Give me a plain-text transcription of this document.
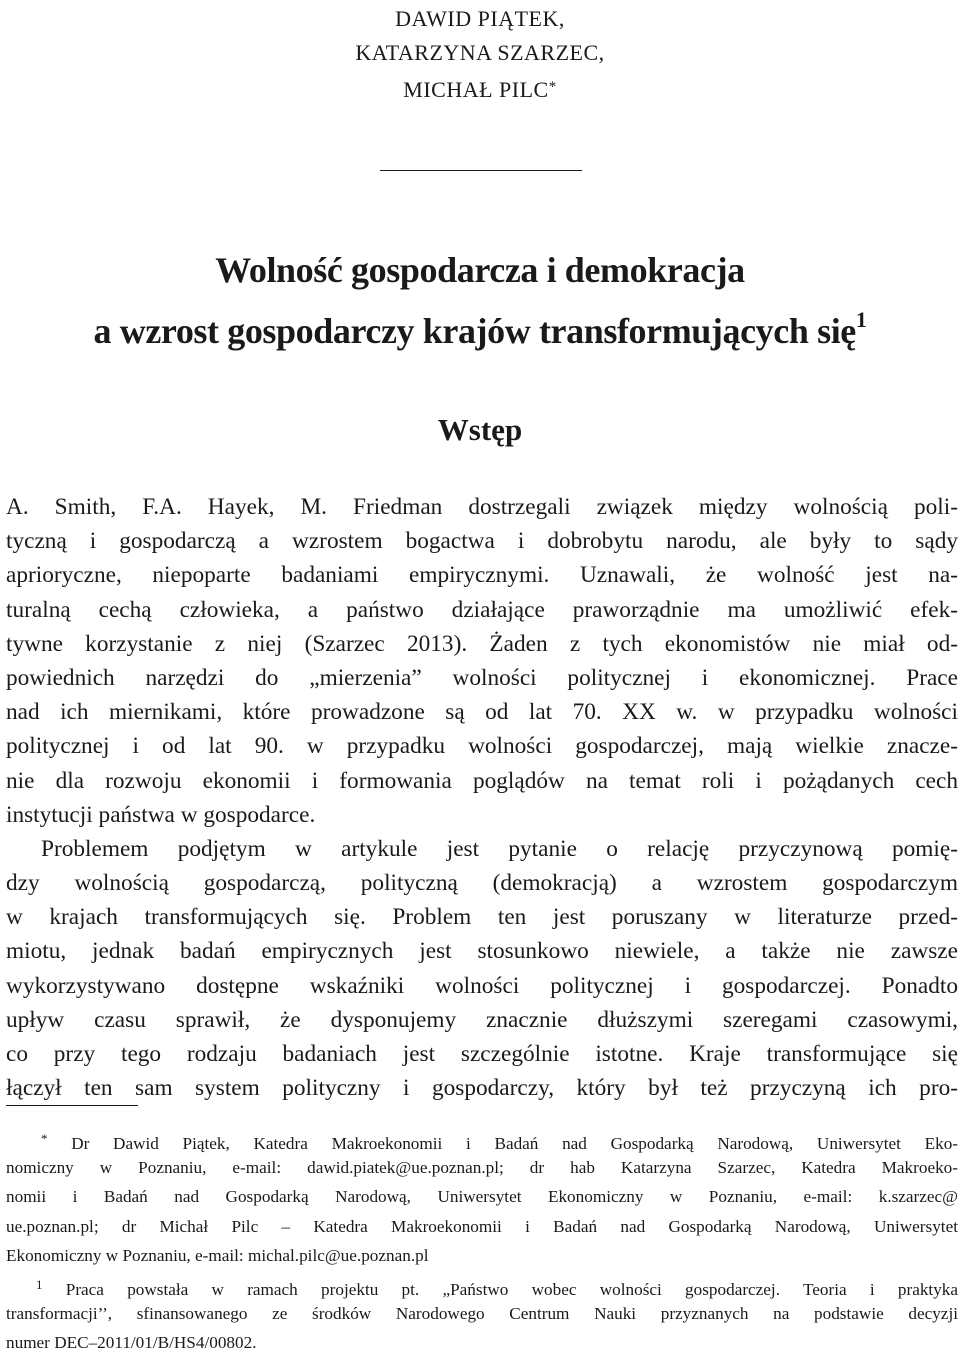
DAWID PIĄTEK,
KATARZYNA SZARZEC,
MICHAŁ PILC*
Wolność gospodarcza i demokracja
a wzrost gospodarczy krajów transformujących się$^1$
Wstęp
A. Smith, F.A. Hayek, M. Friedman dostrzegali związek między wolnością poli-
tyczną i gospodarczą a wzrostem bogactwa i dobrobytu narodu, ale były to sądy
aprioryczne, niepoparte badaniami empirycznymi. Uznawali, że wolność jest na-
turalną cechą człowieka, a państwo działające praworządnie ma umożliwić efek-
tywne korzystanie z niej (Szarzec 2013). Żaden z tych ekonomistów nie miał od-
powiednich narzędzi do „mierzenia” wolności politycznej i ekonomicznej. Prace
nad ich miernikami, które prowadzone są od lat 70. XX w. w przypadku wolności
politycznej i od lat 90. w przypadku wolności gospodarczej, mają wielkie znacze-
nie dla rozwoju ekonomii i formowania poglądów na temat roli i pożądanych cech
instytucji państwa w gospodarce.
Problemem podjętym w artykule jest pytanie o relację przyczynową pomię-
dzy wolnością gospodarczą, polityczną (demokracją) a wzrostem gospodarczym
w krajach transformujących się. Problem ten jest poruszany w literaturze przed-
miotu, jednak badań empirycznych jest stosunkowo niewiele, a także nie zawsze
wykorzystywano dostępne wskaźniki wolności politycznej i gospodarczej. Ponadto
upływ czasu sprawił, że dysponujemy znacznie dłuższymi szeregami czasowymi,
co przy tego rodzaju badaniach jest szczególnie istotne. Kraje transformujące się
łączył ten sam system polityczny i gospodarczy, który był też przyczyną ich pro-
* Dr Dawid Piątek, Katedra Makroekonomii i Badań nad Gospodarką Narodową, Uniwersytet Eko-
nomiczny w Poznaniu, e-mail: dawid.piatek@ue.poznan.pl; dr hab Katarzyna Szarzec, Katedra Makroeko-
nomii i Badań nad Gospodarką Narodową, Uniwersytet Ekonomiczny w Poznaniu, e-mail: k.szarzec@
ue.poznan.pl; dr Michał Pilc – Katedra Makroekonomii i Badań nad Gospodarką Narodową, Uniwersytet
Ekonomiczny w Poznaniu, e-mail: michal.pilc@ue.poznan.pl
1 Praca powstała w ramach projektu pt. „Państwo wobec wolności gospodarczej. Teoria i praktyka
transformacji’’, sfinansowanego ze środków Narodowego Centrum Nauki przyznanych na podstawie decyzji
numer DEC–2011/01/B/HS4/00802.
